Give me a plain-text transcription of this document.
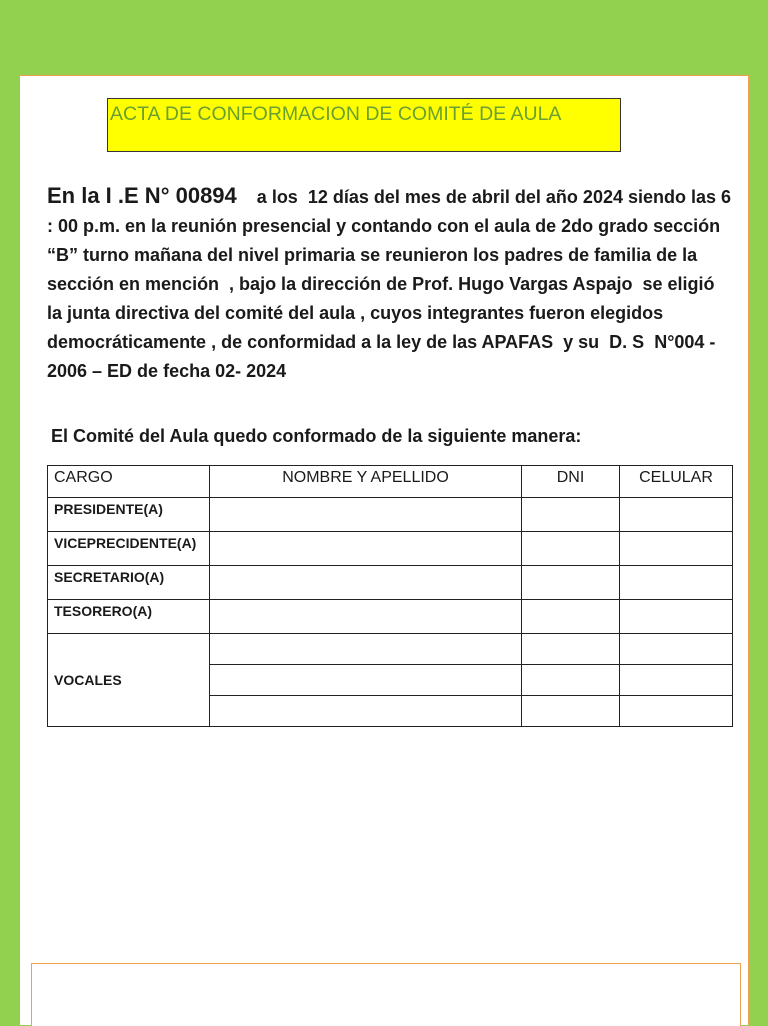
ACTA DE CONFORMACION DE COMITÉ DE AULA
En la I .E N° 00894    a los  12 días del mes de abril del año 2024 siendo las 6 : 00 p.m. en la reunión presencial y contando con el aula de 2do grado sección “B” turno mañana del nivel primaria se reunieron los padres de familia de la sección en mención  , bajo la dirección de Prof. Hugo Vargas Aspajo  se eligió la junta directiva del comité del aula , cuyos integrantes fueron elegidos democráticamente , de conformidad a la ley de las APAFAS  y su  D. S  N°004 - 2006 – ED de fecha 02- 2024
El Comité del Aula quedo conformado de la siguiente manera:
CARGO	NOMBRE Y APELLIDO	DNI	CELULAR
PRESIDENTE(A)			
VICEPRECIDENTE(A)			
SECRETARIO(A)			
TESORERO(A)			
VOCALES			
